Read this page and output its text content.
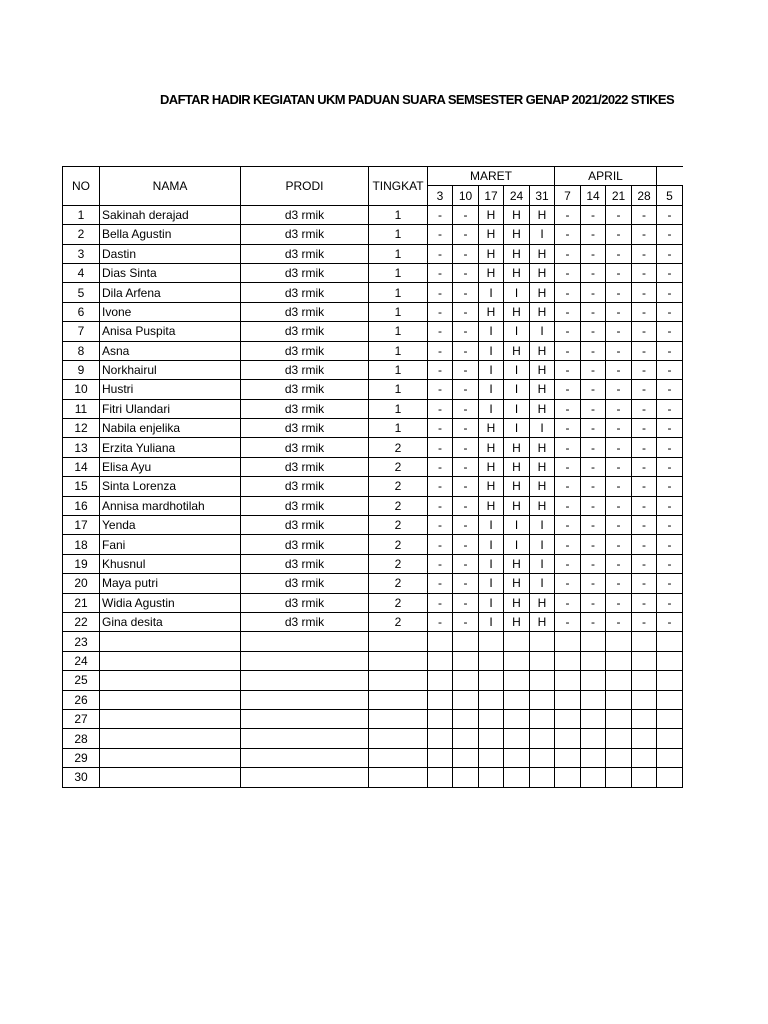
DAFTAR HADIR KEGIATAN UKM PADUAN SUARA SEMSESTER GENAP 2021/2022 STIKES
NO	NAMA	PRODI	TINGKAT	MARET					APRIL				
				3	10	17	24	31	7	14	21	28	5
1	Sakinah derajad	d3 rmik	1	-	-	H	H	H	-	-	-	-	-
2	Bella Agustin	d3 rmik	1	-	-	H	H	I	-	-	-	-	-
3	Dastin	d3 rmik	1	-	-	H	H	H	-	-	-	-	-
4	Dias Sinta	d3 rmik	1	-	-	H	H	H	-	-	-	-	-
5	Dila Arfena	d3 rmik	1	-	-	I	I	H	-	-	-	-	-
6	Ivone	d3 rmik	1	-	-	H	H	H	-	-	-	-	-
7	Anisa Puspita	d3 rmik	1	-	-	I	I	I	-	-	-	-	-
8	Asna	d3 rmik	1	-	-	I	H	H	-	-	-	-	-
9	Norkhairul	d3 rmik	1	-	-	I	I	H	-	-	-	-	-
10	Hustri	d3 rmik	1	-	-	I	I	H	-	-	-	-	-
11	Fitri Ulandari	d3 rmik	1	-	-	I	I	H	-	-	-	-	-
12	Nabila enjelika	d3 rmik	1	-	-	H	I	I	-	-	-	-	-
13	Erzita Yuliana	d3 rmik	2	-	-	H	H	H	-	-	-	-	-
14	Elisa Ayu	d3 rmik	2	-	-	H	H	H	-	-	-	-	-
15	Sinta Lorenza	d3 rmik	2	-	-	H	H	H	-	-	-	-	-
16	Annisa mardhotilah	d3 rmik	2	-	-	H	H	H	-	-	-	-	-
17	Yenda	d3 rmik	2	-	-	I	I	I	-	-	-	-	-
18	Fani	d3 rmik	2	-	-	I	I	I	-	-	-	-	-
19	Khusnul	d3 rmik	2	-	-	I	H	I	-	-	-	-	-
20	Maya putri	d3 rmik	2	-	-	I	H	I	-	-	-	-	-
21	Widia Agustin	d3 rmik	2	-	-	I	H	H	-	-	-	-	-
22	Gina desita	d3 rmik	2	-	-	I	H	H	-	-	-	-	-
23													
24													
25													
26													
27													
28													
29													
30													
